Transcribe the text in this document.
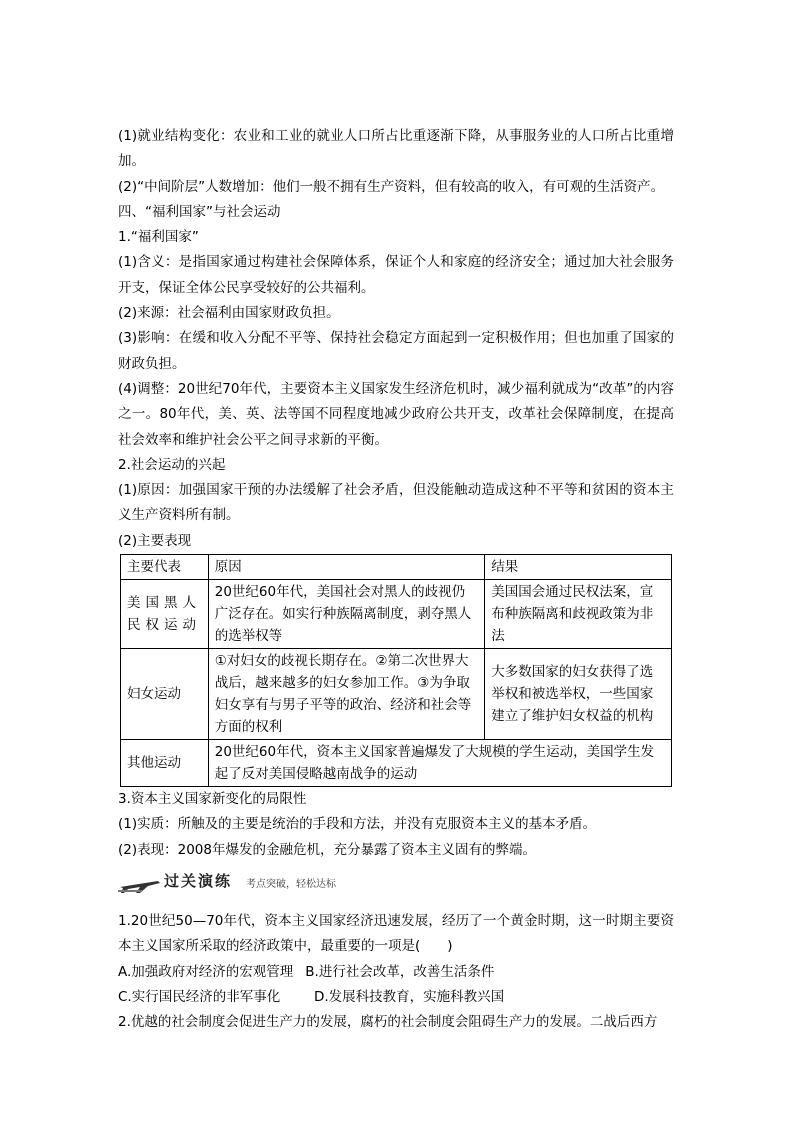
(1)就业结构变化：农业和工业的就业人口所占比重逐渐下降，从事服务业的人口所占比重增加。

(2)“中间阶层”人数增加：他们一般不拥有生产资料，但有较高的收入，有可观的生活资产。

四、“福利国家”与社会运动

1.“福利国家”

(1)含义：是指国家通过构建社会保障体系，保证个人和家庭的经济安全；通过加大社会服务开支，保证全体公民享受较好的公共福利。

(2)来源：社会福利由国家财政负担。

(3)影响：在缓和收入分配不平等、保持社会稳定方面起到一定积极作用；但也加重了国家的财政负担。

(4)调整：20世纪70年代，主要资本主义国家发生经济危机时，减少福利就成为“改革”的内容之一。80年代，美、英、法等国不同程度地减少政府公共开支，改革社会保障制度，在提高社会效率和维护社会公平之间寻求新的平衡。

2.社会运动的兴起

(1)原因：加强国家干预的办法缓解了社会矛盾，但没能触动造成这种不平等和贫困的资本主义生产资料所有制。

(2)主要表现

主要代表	原因	结果
美国黑人民权运动	20世纪60年代，美国社会对黑人的歧视仍广泛存在。如实行种族隔离制度，剥夺黑人的选举权等	美国国会通过民权法案，宣布种族隔离和歧视政策为非法
妇女运动	①对妇女的歧视长期存在。②第二次世界大战后，越来越多的妇女参加工作。③为争取妇女享有与男子平等的政治、经济和社会等方面的权利	大多数国家的妇女获得了选举权和被选举权，一些国家建立了维护妇女权益的机构
其他运动	20世纪60年代，资本主义国家普遍爆发了大规模的学生运动，美国学生发起了反对美国侵略越南战争的运动	

3.资本主义国家新变化的局限性

(1)实质：所触及的主要是统治的手段和方法，并没有克服资本主义的基本矛盾。

(2)表现：2008年爆发的金融危机，充分暴露了资本主义固有的弊端。

过关演练 考点突破，轻松达标

1.20世纪50—70年代，资本主义国家经济迅速发展，经历了一个黄金时期，这一时期主要资本主义国家所采取的经济政策中，最重要的一项是(　　)

A.加强政府对经济的宏观管理 B.进行社会改革，改善生活条件

C.实行国民经济的非军事化	D.发展科技教育，实施科教兴国

2.优越的社会制度会促进生产力的发展，腐朽的社会制度会阻碍生产力的发展。二战后西方
